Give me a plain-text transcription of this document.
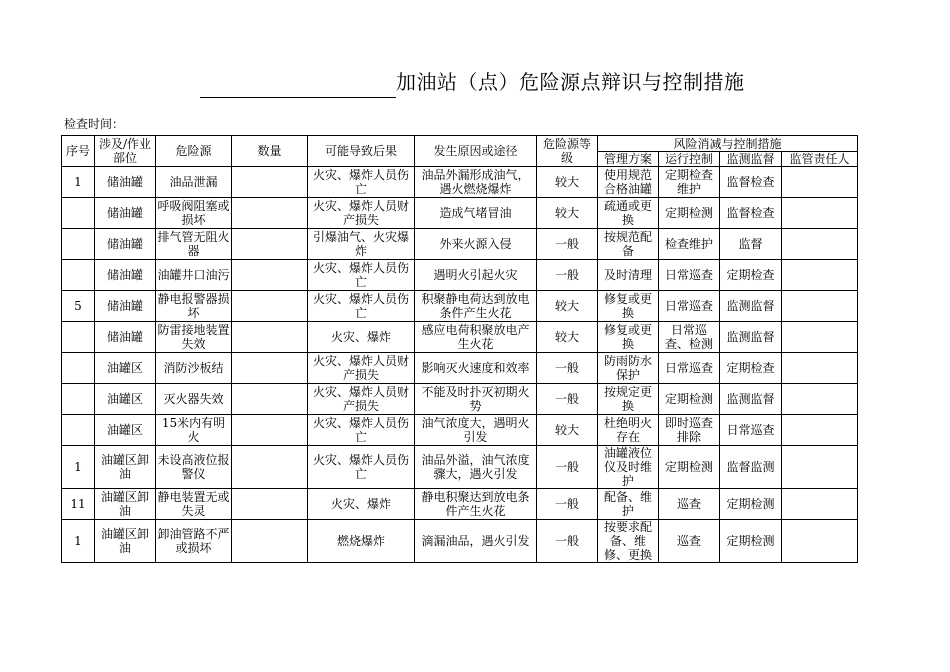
加油站（点）危险源点辩识与控制措施
检查时间：
序号	涉及/作业部位	危险源	数量	可能导致后果	发生原因或途径	危险源等级	风险消减与控制措施			
							管理方案	运行控制	监测监督	监管责任人
1	储油罐	油品泄漏		火灾、爆炸人员伤亡	油品外漏形成油气，遇火燃烧爆炸	较大	使用规范合格油罐	定期检查维护	监督检查	
	储油罐	呼吸阀阻塞或损坏		火灾、爆炸人员财产损失	造成气堵冒油	较大	疏通或更换	定期检测	监督检查	
	储油罐	排气管无阻火器		引爆油气、火灾爆炸	外来火源入侵	一般	按规范配备	检查维护	监督	
	储油罐	油罐井口油污		火灾、爆炸人员伤亡	遇明火引起火灾	一般	及时清理	日常巡查	定期检查	
5	储油罐	静电报警器损坏		火灾、爆炸人员伤亡	积聚静电荷达到放电条件产生火花	较大	修复或更换	日常巡查	监测监督	
	储油罐	防雷接地装置失效		火灾、爆炸	感应电荷积聚放电产生火花	较大	修复或更换	日常巡查、检测	监测监督	
	油罐区	消防沙板结		火灾、爆炸人员财产损失	影响灭火速度和效率	一般	防雨防水保护	日常巡查	定期检查	
	油罐区	灭火器失效		火灾、爆炸人员财产损失	不能及时扑灭初期火势	一般	按规定更换	定期检测	监测监督	
	油罐区	15米内有明火		火灾、爆炸人员伤亡	油气浓度大，遇明火引发	较大	杜绝明火存在	即时巡查排除	日常巡查	
1	油罐区卸油	未设高液位报警仪		火灾、爆炸人员伤亡	油品外溢，油气浓度骤大，遇火引发	一般	油罐液位仪及时维护	定期检测	监督监测	
11	油罐区卸油	静电装置无或失灵		火灾、爆炸	静电积聚达到放电条件产生火花	一般	配备、维护	巡查	定期检测	
1	油罐区卸油	卸油管路不严或损坏		燃烧爆炸	滴漏油品，遇火引发	一般	按要求配备、维修、更换	巡查	定期检测	
